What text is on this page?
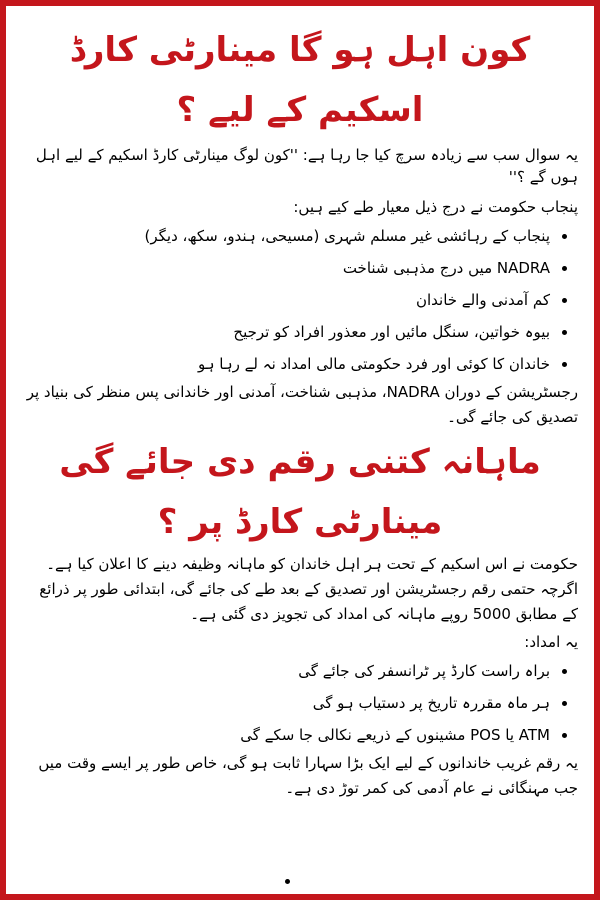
کون اہل ہو گا مینارٹی کارڈ اسکیم کے لیے ؟

یہ سوال سب سے زیادہ سرچ کیا جا رہا ہے: ''کون لوگ مینارٹی کارڈ اسکیم کے لیے اہل ہوں گے ؟''

پنجاب حکومت نے درج ذیل معیار طے کیے ہیں:

• پنجاب کے رہائشی غیر مسلم شہری (مسیحی، ہندو، سکھ، دیگر)
• NADRA میں درج مذہبی شناخت
• کم آمدنی والے خاندان
• بیوہ خواتین، سنگل مائیں اور معذور افراد کو ترجیح
• خاندان کا کوئی اور فرد حکومتی مالی امداد نہ لے رہا ہو

رجسٹریشن کے دوران NADRA، مذہبی شناخت، آمدنی اور خاندانی پس منظر کی بنیاد پر تصدیق کی جائے گی۔

ماہانہ کتنی رقم دی جائے گی مینارٹی کارڈ پر ؟

حکومت نے اس اسکیم کے تحت ہر اہل خاندان کو ماہانہ وظیفہ دینے کا اعلان کیا ہے۔ اگرچہ حتمی رقم رجسٹریشن اور تصدیق کے بعد طے کی جائے گی، ابتدائی طور پر ذرائع کے مطابق 5000 روپے ماہانہ کی امداد کی تجویز دی گئی ہے۔

یہ امداد:

• براہ راست کارڈ پر ٹرانسفر کی جائے گی
• ہر ماہ مقررہ تاریخ پر دستیاب ہو گی
• ATM یا POS مشینوں کے ذریعے نکالی جا سکے گی

یہ رقم غریب خاندانوں کے لیے ایک بڑا سہارا ثابت ہو گی، خاص طور پر ایسے وقت میں جب مہنگائی نے عام آدمی کی کمر توڑ دی ہے۔
